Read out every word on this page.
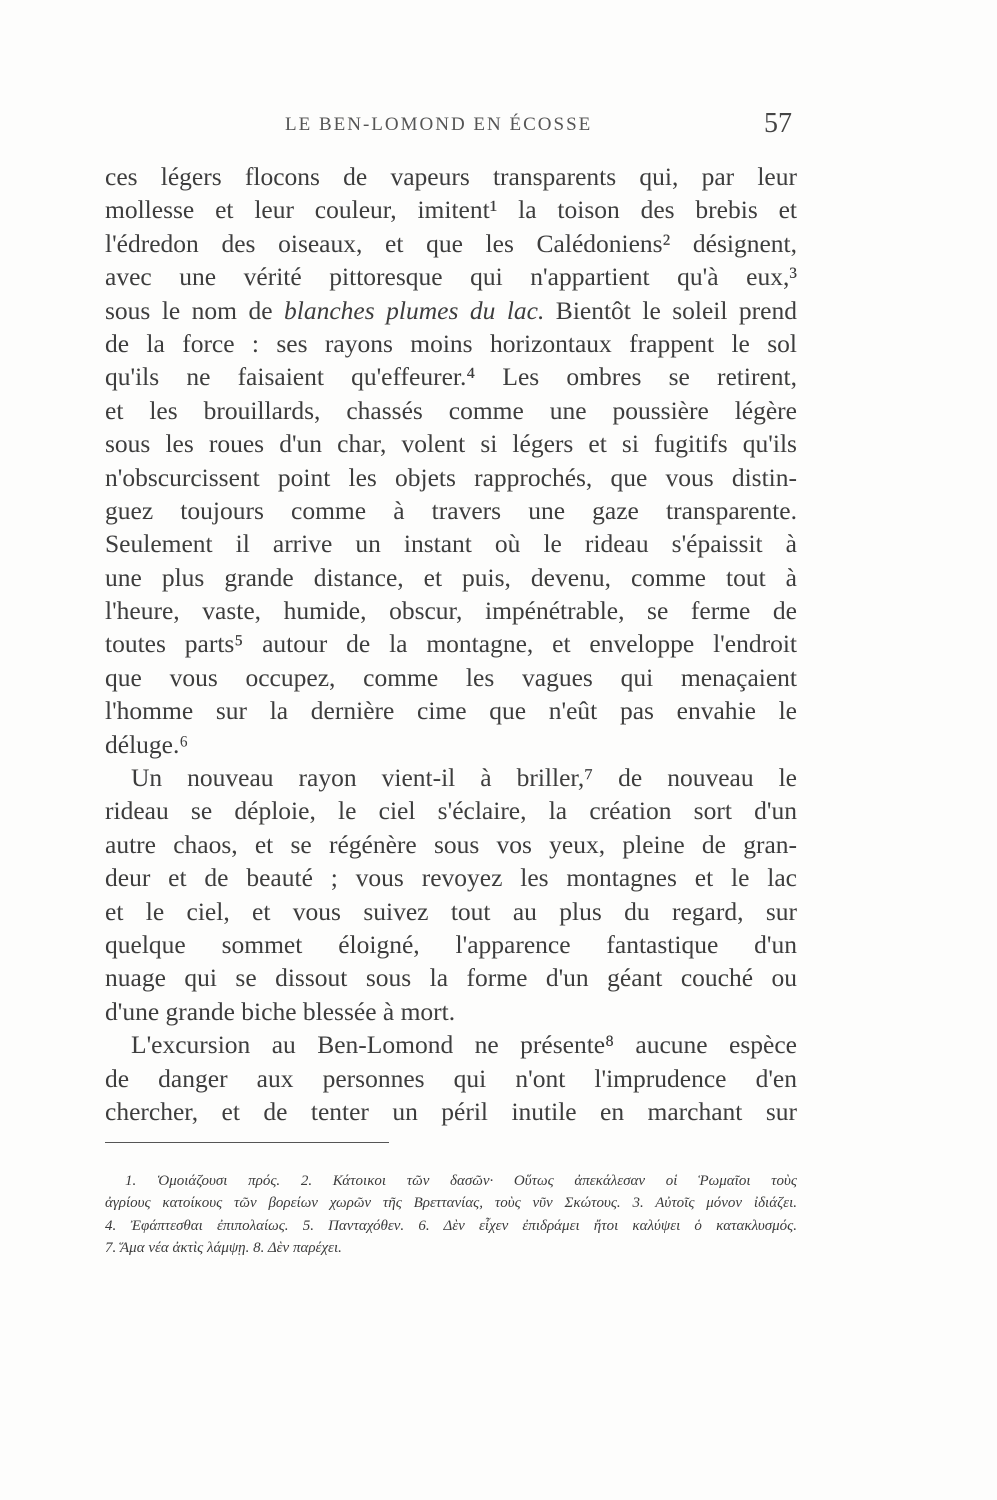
LE BEN-LOMOND EN ÉCOSSE	57
ces légers flocons de vapeurs transparents qui, par leur
mollesse et leur couleur, imitent¹ la toison des brebis et
l'édredon des oiseaux, et que les Calédoniens² désignent,
avec une vérité pittoresque qui n'appartient qu'à eux,³
sous le nom de blanches plumes du lac. Bientôt le soleil prend
de la force : ses rayons moins horizontaux frappent le sol
qu'ils ne faisaient qu'effeurer.⁴ Les ombres se retirent,
et les brouillards, chassés comme une poussière légère
sous les roues d'un char, volent si légers et si fugitifs qu'ils
n'obscurcissent point les objets rapprochés, que vous distin-
guez toujours comme à travers une gaze transparente.
Seulement il arrive un instant où le rideau s'épaissit à
une plus grande distance, et puis, devenu, comme tout à
l'heure, vaste, humide, obscur, impénétrable, se ferme de
toutes parts⁵ autour de la montagne, et enveloppe l'endroit
que vous occupez, comme les vagues qui menaçaient
l'homme sur la dernière cime que n'eût pas envahie le
déluge.⁶
Un nouveau rayon vient-il à briller,⁷ de nouveau le
rideau se déploie, le ciel s'éclaire, la création sort d'un
autre chaos, et se régénère sous vos yeux, pleine de gran-
deur et de beauté ; vous revoyez les montagnes et le lac
et le ciel, et vous suivez tout au plus du regard, sur
quelque sommet éloigné, l'apparence fantastique d'un
nuage qui se dissout sous la forme d'un géant couché ou
d'une grande biche blessée à mort.
L'excursion au Ben-Lomond ne présente⁸ aucune espèce
de danger aux personnes qui n'ont l'imprudence d'en
chercher, et de tenter un péril inutile en marchant sur
1. Ὁμοιάζουσι πρός. 2. Κάτοικοι τῶν δασῶν· Οὕτως ἀπεκάλεσαν οἱ Ῥωμαῖοι τοὺς
ἀγρίους κατοίκους τῶν βορείων χωρῶν τῆς Βρεττανίας, τοὺς νῦν Σκώτους. 3. Αὐτοῖς μόνον ἰδιάζει.
4. Ἐφάπτεσθαι ἐπιπολαίως. 5. Πανταχόθεν. 6. Δὲν εἶχεν ἐπιδράμει ἤτοι καλύψει ὁ κατακλυσμός.
7. Ἅμα νέα ἀκτὶς λάμψῃ. 8. Δὲν παρέχει.
